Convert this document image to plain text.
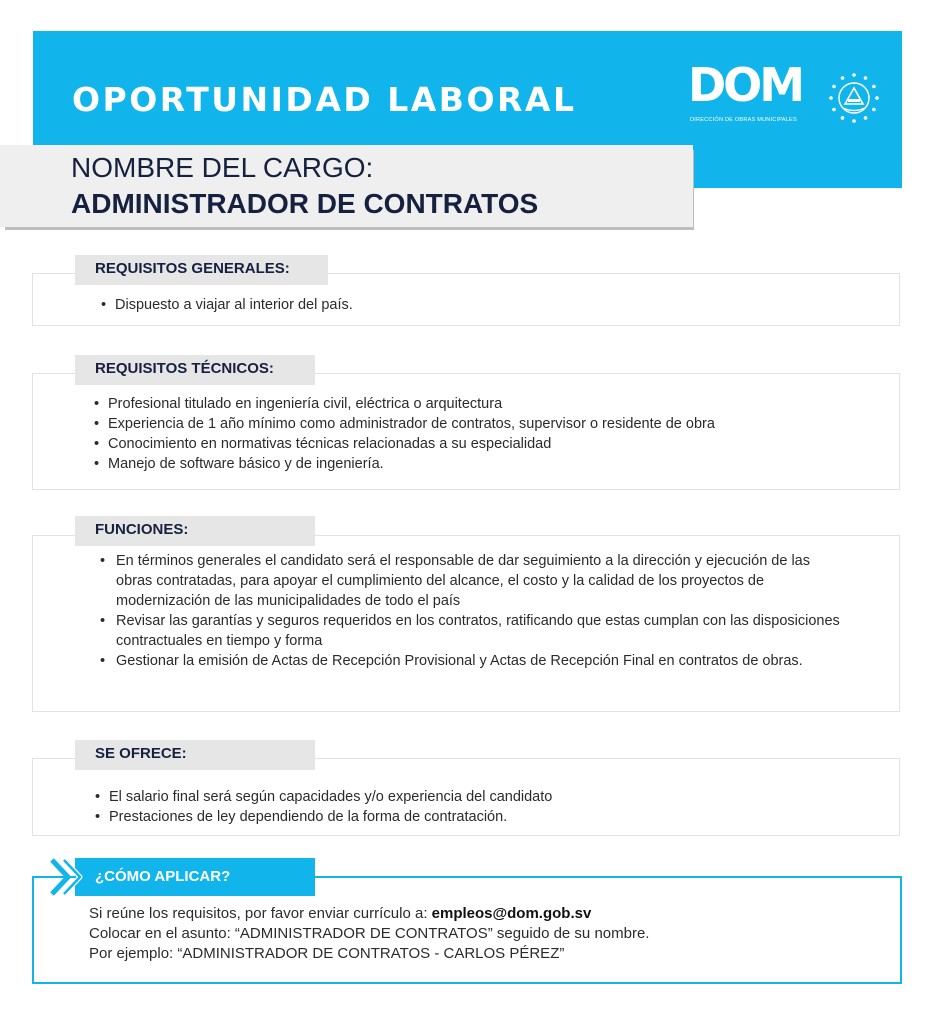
OPORTUNIDAD LABORAL DOM
DIRECCIÓN DE OBRAS MUNICIPALES
NOMBRE DEL CARGO:
ADMINISTRADOR DE CONTRATOS
REQUISITOS GENERALES:
• Dispuesto a viajar al interior del país.
REQUISITOS TÉCNICOS:
• Profesional titulado en ingeniería civil, eléctrica o arquitectura
• Experiencia de 1 año mínimo como administrador de contratos, supervisor o residente de obra
• Conocimiento en normativas técnicas relacionadas a su especialidad
• Manejo de software básico y de ingeniería.
FUNCIONES:
• En términos generales el candidato será el responsable de dar seguimiento a la dirección y ejecución de las obras contratadas, para apoyar el cumplimiento del alcance, el costo y la calidad de los proyectos de modernización de las municipalidades de todo el país
• Revisar las garantías y seguros requeridos en los contratos, ratificando que estas cumplan con las disposiciones contractuales en tiempo y forma
• Gestionar la emisión de Actas de Recepción Provisional y Actas de Recepción Final en contratos de obras.
SE OFRECE:
• El salario final será según capacidades y/o experiencia del candidato
• Prestaciones de ley dependiendo de la forma de contratación.
¿CÓMO APLICAR?
Si reúne los requisitos, por favor enviar currículo a: empleos@dom.gob.sv
Colocar en el asunto: “ADMINISTRADOR DE CONTRATOS” seguido de su nombre.
Por ejemplo: “ADMINISTRADOR DE CONTRATOS - CARLOS PÉREZ”
